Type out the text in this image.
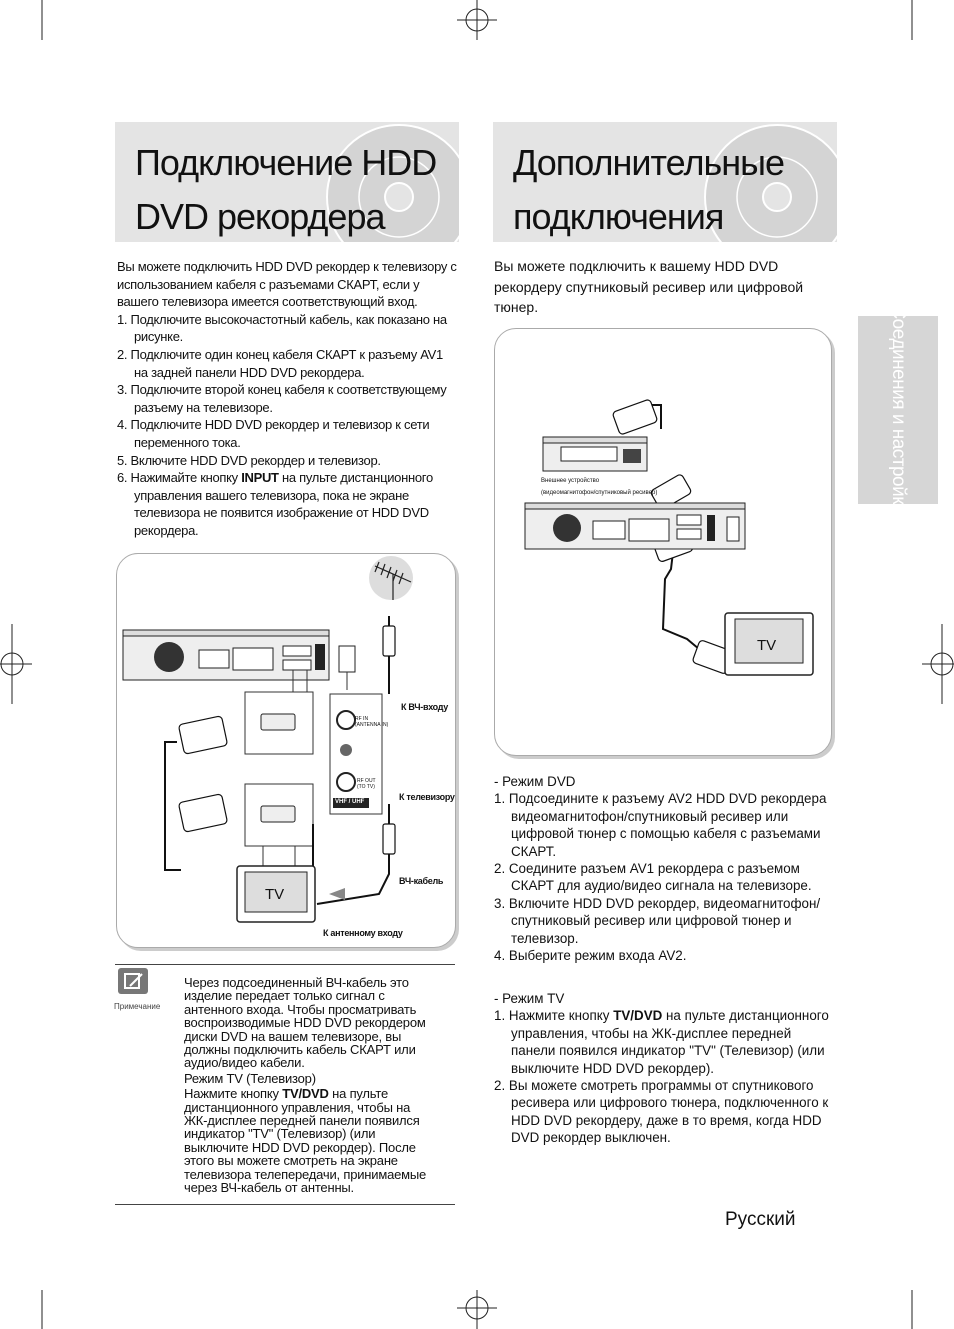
Подключение HDD
DVD рекордера
Дополнительные
подключения
Соединения и настройка
Вы можете подключить HDD DVD рекордер к телевизору с использованием кабеля с разъемами СКАРТ, если у вашего телевизора имеется соответствующий вход.
1. Подключите высокочастотный кабель, как показано на рисунке.
2. Подключите один конец кабеля СКАРТ к разъему AV1 на задней панели HDD DVD рекордера.
3. Подключите второй конец кабеля к соответствующему разъему на телевизоре.
4. Подключите HDD DVD рекордер и телевизор к сети переменного тока.
5. Включите HDD DVD рекордер и телевизор.
6. Нажимайте кнопку INPUT на пульте дистанционного управления вашего телевизора, пока не экране телевизора не появится изображение от HDD DVD рекордера.
К ВЧ-входу
К телевизору
ВЧ-кабель
К антенному входу
TV
RF IN
(ANTENNA IN)
RF OUT
(TO TV)
VHF / UHF
Примечание
Через подсоединенный ВЧ-кабель это
изделие передает только сигнал с
антенного входа. Чтобы просматривать
воспроизводимые HDD DVD рекордером
диски DVD на вашем телевизоре, вы
должны подключить кабель СКАРТ или
аудио/видео кабели.
Режим TV (Телевизор)
Нажмите кнопку TV/DVD на пульте
дистанционного управления, чтобы на
ЖК-дисплее передней панели появился
индикатор "TV" (Телевизор) (или
выключите HDD DVD рекордер). После
этого вы можете смотреть на экране
телевизора телепередачи, принимаемые
через ВЧ-кабель от антенны.
Вы можете подключить к вашему HDD DVD рекордеру спутниковый ресивер или цифровой тюнер.
Внешнее устройство
(видеомагнитофон/спутниковый ресивер)
TV
- Режим DVD
1. Подсоедините к разъему AV2 HDD DVD рекордера видеомагнитофон/спутниковый ресивер или цифровой тюнер с помощью кабеля с разъемами СКАРТ.
2. Соедините разъем AV1 рекордера с разъемом СКАРТ для аудио/видео сигнала на телевизоре.
3. Включите HDD DVD рекордер, видеомагнитофон/ спутниковый ресивер или цифровой тюнер и телевизор.
4. Выберите режим входа AV2.
- Режим TV
1. Нажмите кнопку TV/DVD на пульте дистанционного управления, чтобы на ЖК-дисплее передней панели появился индикатор "TV" (Телевизор) (или выключите HDD DVD рекордер).
2. Вы можете смотреть программы от спутникового ресивера или цифрового тюнера, подключенного к HDD DVD рекордеру, даже в то время, когда HDD DVD рекордер выключен.
Русский
